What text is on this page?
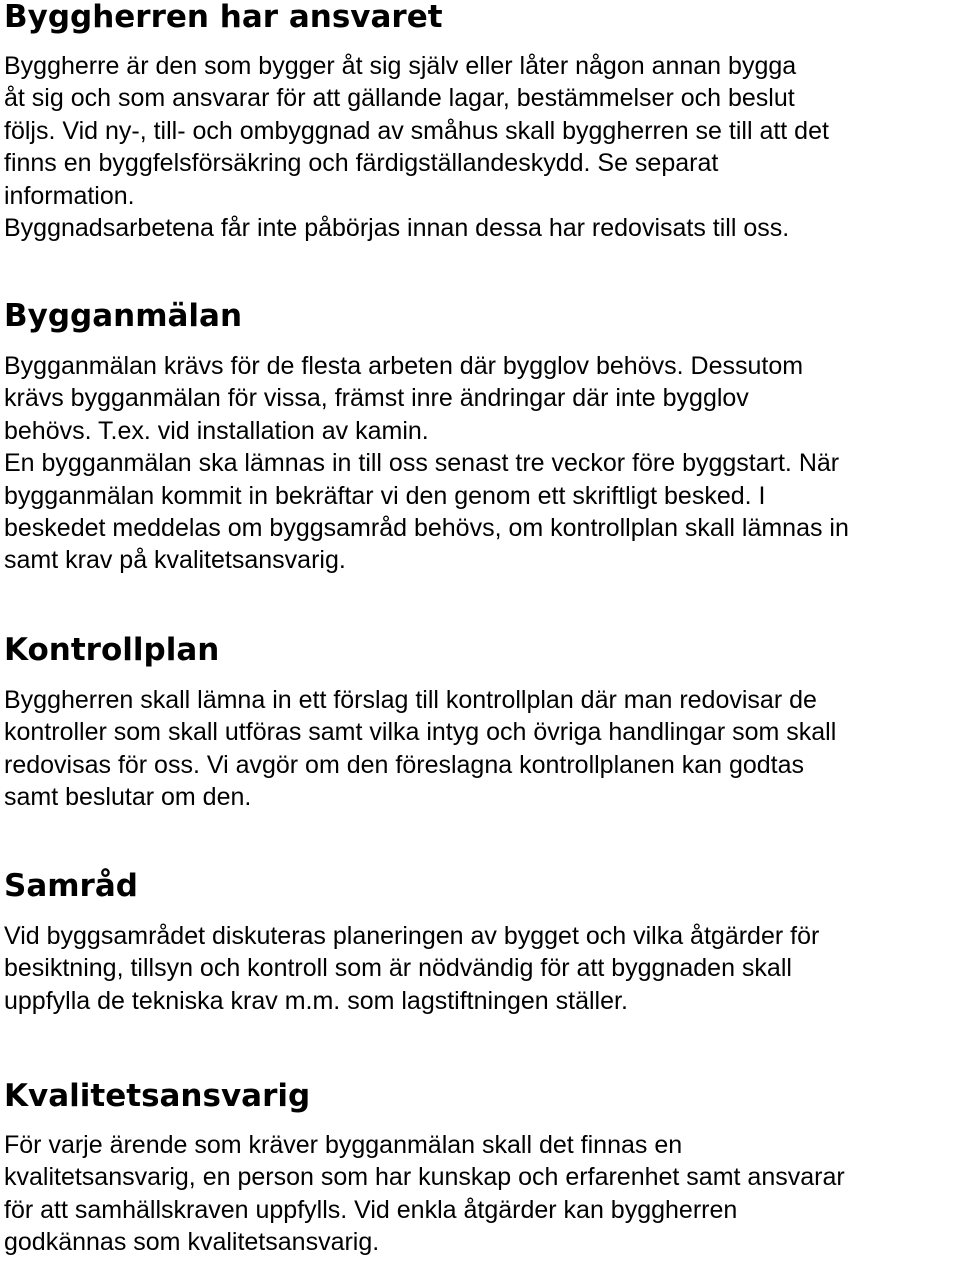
Byggherren har ansvaret

Byggherre är den som bygger åt sig själv eller låter någon annan bygga
åt sig och som ansvarar för att gällande lagar, bestämmelser och beslut
följs. Vid ny-, till- och ombyggnad av småhus skall byggherren se till att det
finns en byggfelsförsäkring och färdigställandeskydd. Se separat
information.
Byggnadsarbetena får inte påbörjas innan dessa har redovisats till oss.

Bygganmälan

Bygganmälan krävs för de flesta arbeten där bygglov behövs. Dessutom
krävs bygganmälan för vissa, främst inre ändringar där inte bygglov
behövs. T.ex. vid installation av kamin.
En bygganmälan ska lämnas in till oss senast tre veckor före byggstart. När
bygganmälan kommit in bekräftar vi den genom ett skriftligt besked. I
beskedet meddelas om byggsamråd behövs, om kontrollplan skall lämnas in
samt krav på kvalitetsansvarig.

Kontrollplan

Byggherren skall lämna in ett förslag till kontrollplan där man redovisar de
kontroller som skall utföras samt vilka intyg och övriga handlingar som skall
redovisas för oss. Vi avgör om den föreslagna kontrollplanen kan godtas
samt beslutar om den.

Samråd

Vid byggsamrådet diskuteras planeringen av bygget och vilka åtgärder för
besiktning, tillsyn och kontroll som är nödvändig för att byggnaden skall
uppfylla de tekniska krav m.m. som lagstiftningen ställer.

Kvalitetsansvarig

För varje ärende som kräver bygganmälan skall det finnas en
kvalitetsansvarig, en person som har kunskap och erfarenhet samt ansvarar
för att samhällskraven uppfylls. Vid enkla åtgärder kan byggherren
godkännas som kvalitetsansvarig.
